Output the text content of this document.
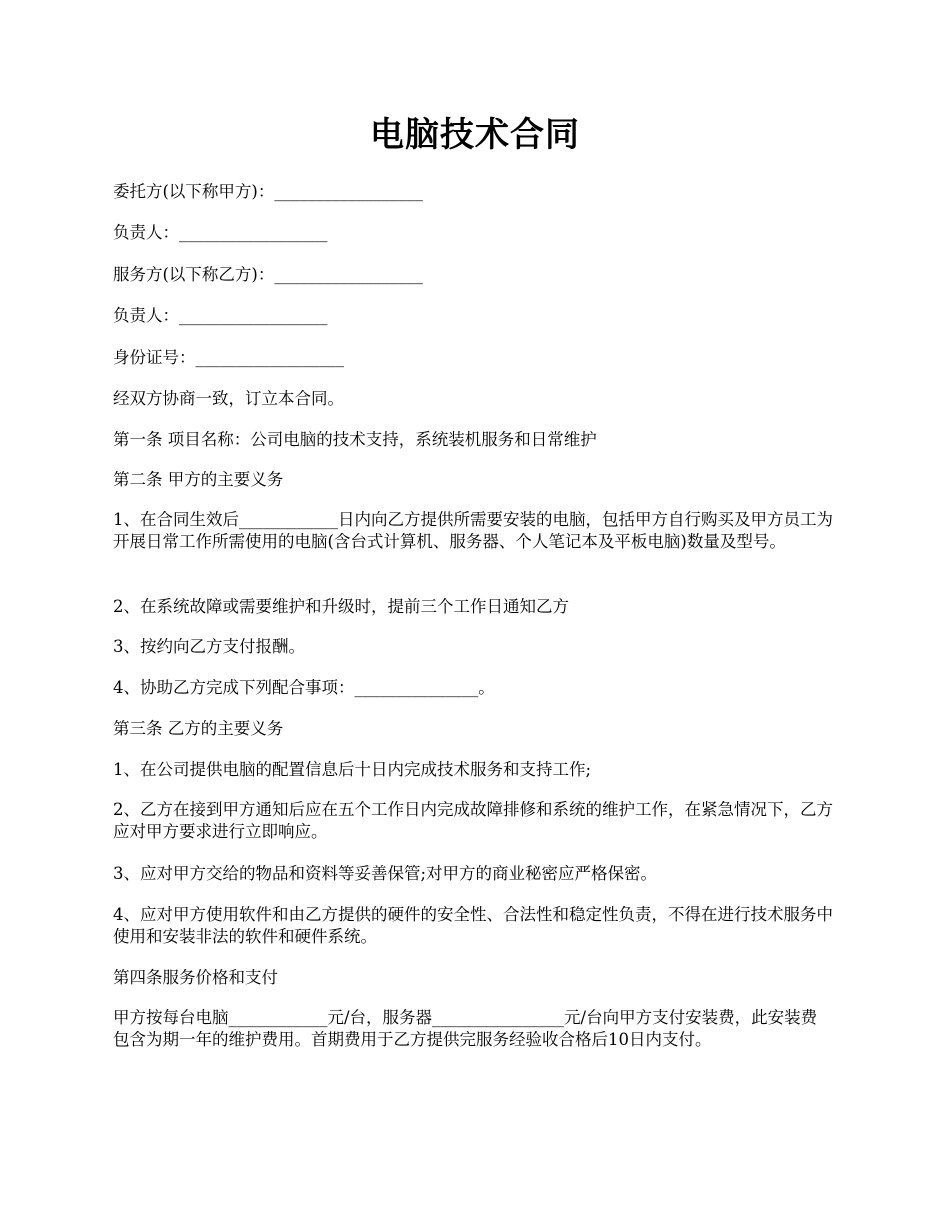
电脑技术合同
委托方(以下称甲方)：__________________
负责人：__________________
服务方(以下称乙方)：__________________
负责人：__________________
身份证号：__________________
经双方协商一致，订立本合同。
第一条 项目名称：公司电脑的技术支持，系统装机服务和日常维护
第二条 甲方的主要义务
1、在合同生效后____________日内向乙方提供所需要安装的电脑，包括甲方自行购买及甲方员工为开展日常工作所需使用的电脑(含台式计算机、服务器、个人笔记本及平板电脑)数量及型号。
2、在系统故障或需要维护和升级时，提前三个工作日通知乙方
3、按约向乙方支付报酬。
4、协助乙方完成下列配合事项：_______________。
第三条 乙方的主要义务
1、在公司提供电脑的配置信息后十日内完成技术服务和支持工作;
2、乙方在接到甲方通知后应在五个工作日内完成故障排修和系统的维护工作，在紧急情况下，乙方应对甲方要求进行立即响应。
3、应对甲方交给的物品和资料等妥善保管;对甲方的商业秘密应严格保密。
4、应对甲方使用软件和由乙方提供的硬件的安全性、合法性和稳定性负责，不得在进行技术服务中使用和安装非法的软件和硬件系统。
第四条服务价格和支付
甲方按每台电脑____________元/台，服务器________________元/台向甲方支付安装费，此安装费包含为期一年的维护费用。首期费用于乙方提供完服务经验收合格后10日内支付。
